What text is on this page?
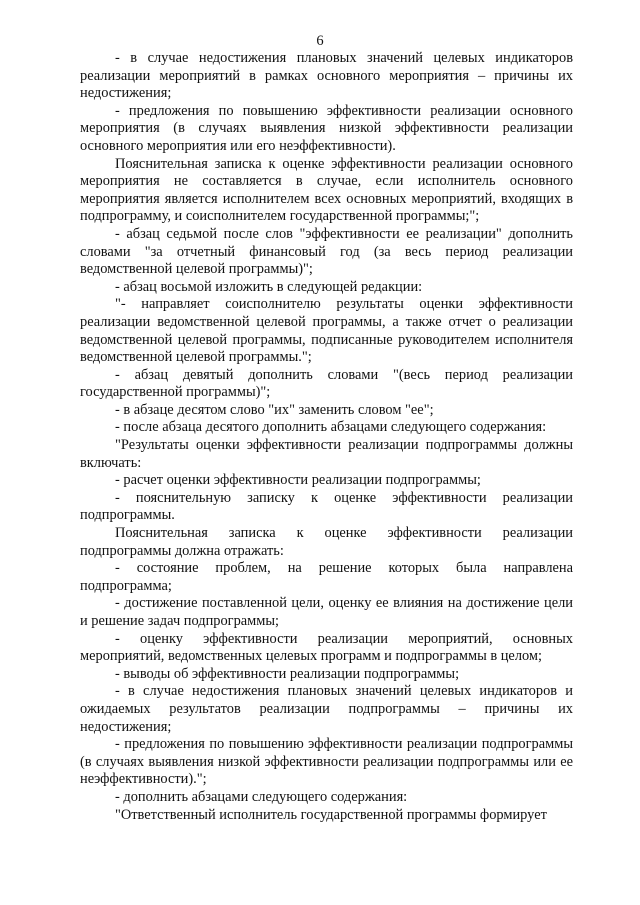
6

- в случае недостижения плановых значений целевых индикаторов реализации мероприятий в рамках основного мероприятия – причины их недостижения;

- предложения по повышению эффективности реализации основного мероприятия (в случаях выявления низкой эффективности реализации основного мероприятия или его неэффективности).

Пояснительная записка к оценке эффективности реализации основного мероприятия не составляется в случае, если исполнитель основного мероприятия является исполнителем всех основных мероприятий, входящих в подпрограмму, и соисполнителем государственной программы;";

- абзац седьмой после слов "эффективности ее реализации" дополнить словами "за отчетный финансовый год (за весь период реализации ведомственной целевой программы)";

- абзац восьмой изложить в следующей редакции:

"- направляет соисполнителю результаты оценки эффективности реализации ведомственной целевой программы, а также отчет о реализации ведомственной целевой программы, подписанные руководителем исполнителя ведомственной целевой программы.";

- абзац девятый дополнить словами "(весь период реализации государственной программы)";

- в абзаце десятом слово "их" заменить словом "ее";

- после абзаца десятого дополнить абзацами следующего содержания:

"Результаты оценки эффективности реализации подпрограммы должны включать:

- расчет оценки эффективности реализации подпрограммы;

- пояснительную записку к оценке эффективности реализации подпрограммы.

Пояснительная записка к оценке эффективности реализации подпрограммы должна отражать:

- состояние проблем, на решение которых была направлена подпрограмма;

- достижение поставленной цели, оценку ее влияния на достижение цели и решение задач подпрограммы;

- оценку эффективности реализации мероприятий, основных мероприятий, ведомственных целевых программ и подпрограммы в целом;

- выводы об эффективности реализации подпрограммы;

- в случае недостижения плановых значений целевых индикаторов и ожидаемых результатов реализации подпрограммы – причины их недостижения;

- предложения по повышению эффективности реализации подпрограммы (в случаях выявления низкой эффективности реализации подпрограммы или ее неэффективности).";

- дополнить абзацами следующего содержания:

"Ответственный исполнитель государственной программы формирует
